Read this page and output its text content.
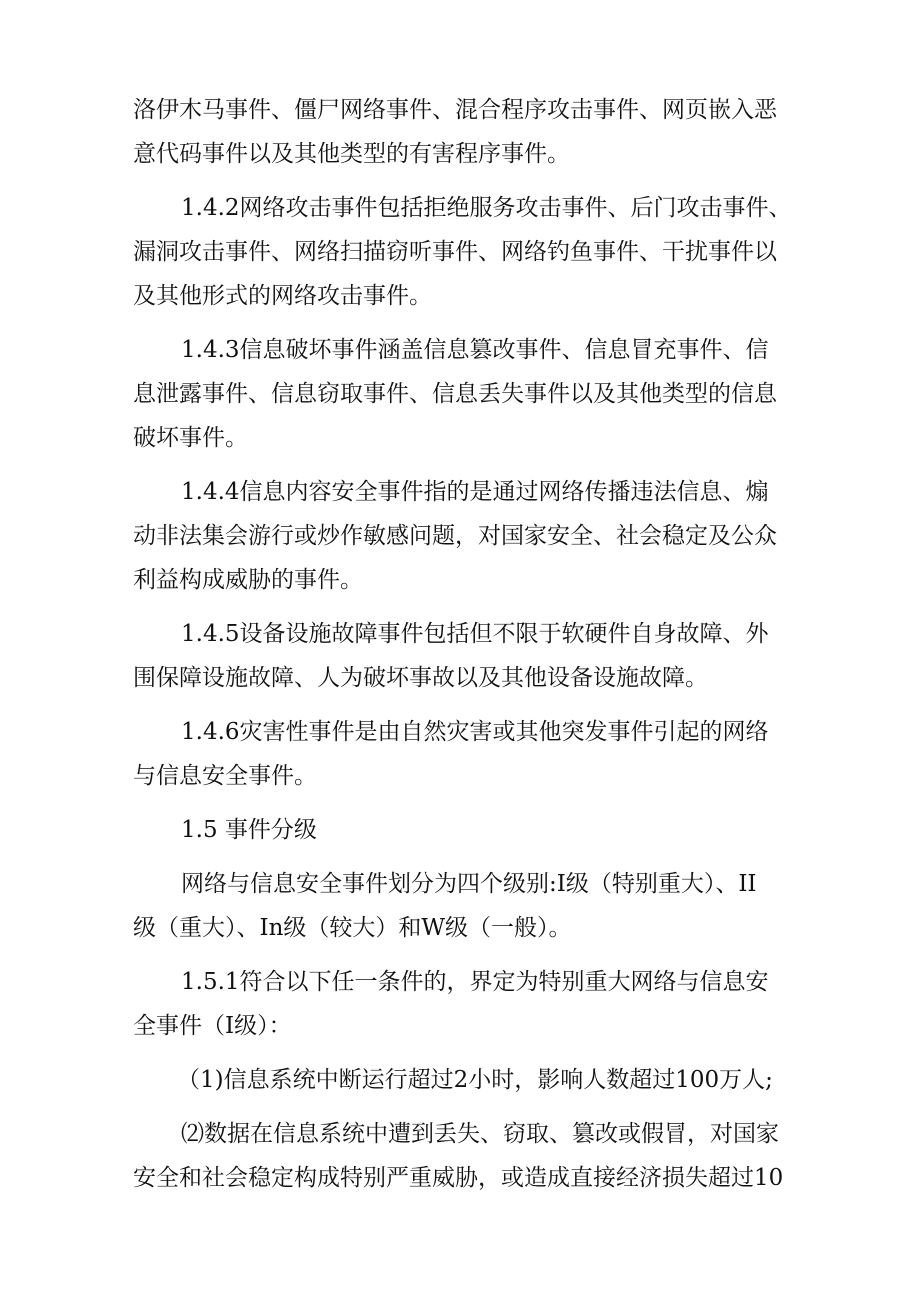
洛伊木马事件、僵尸网络事件、混合程序攻击事件、网页嵌入恶
意代码事件以及其他类型的有害程序事件。

1.4.2网络攻击事件包括拒绝服务攻击事件、后门攻击事件、
漏洞攻击事件、网络扫描窃听事件、网络钓鱼事件、干扰事件以
及其他形式的网络攻击事件。

1.4.3信息破坏事件涵盖信息篡改事件、信息冒充事件、信
息泄露事件、信息窃取事件、信息丢失事件以及其他类型的信息
破坏事件。

1.4.4信息内容安全事件指的是通过网络传播违法信息、煽
动非法集会游行或炒作敏感问题，对国家安全、社会稳定及公众
利益构成威胁的事件。

1.4.5设备设施故障事件包括但不限于软硬件自身故障、外
围保障设施故障、人为破坏事故以及其他设备设施故障。

1.4.6灾害性事件是由自然灾害或其他突发事件引起的网络
与信息安全事件。

1.5 事件分级

网络与信息安全事件划分为四个级别:I级（特别重大）、II
级（重大）、In级（较大）和W级（一般）。

1.5.1符合以下任一条件的，界定为特别重大网络与信息安
全事件（I级）：

（1)信息系统中断运行超过2小时，影响人数超过100万人;

⑵数据在信息系统中遭到丢失、窃取、篡改或假冒，对国家
安全和社会稳定构成特别严重威胁，或造成直接经济损失超过10
